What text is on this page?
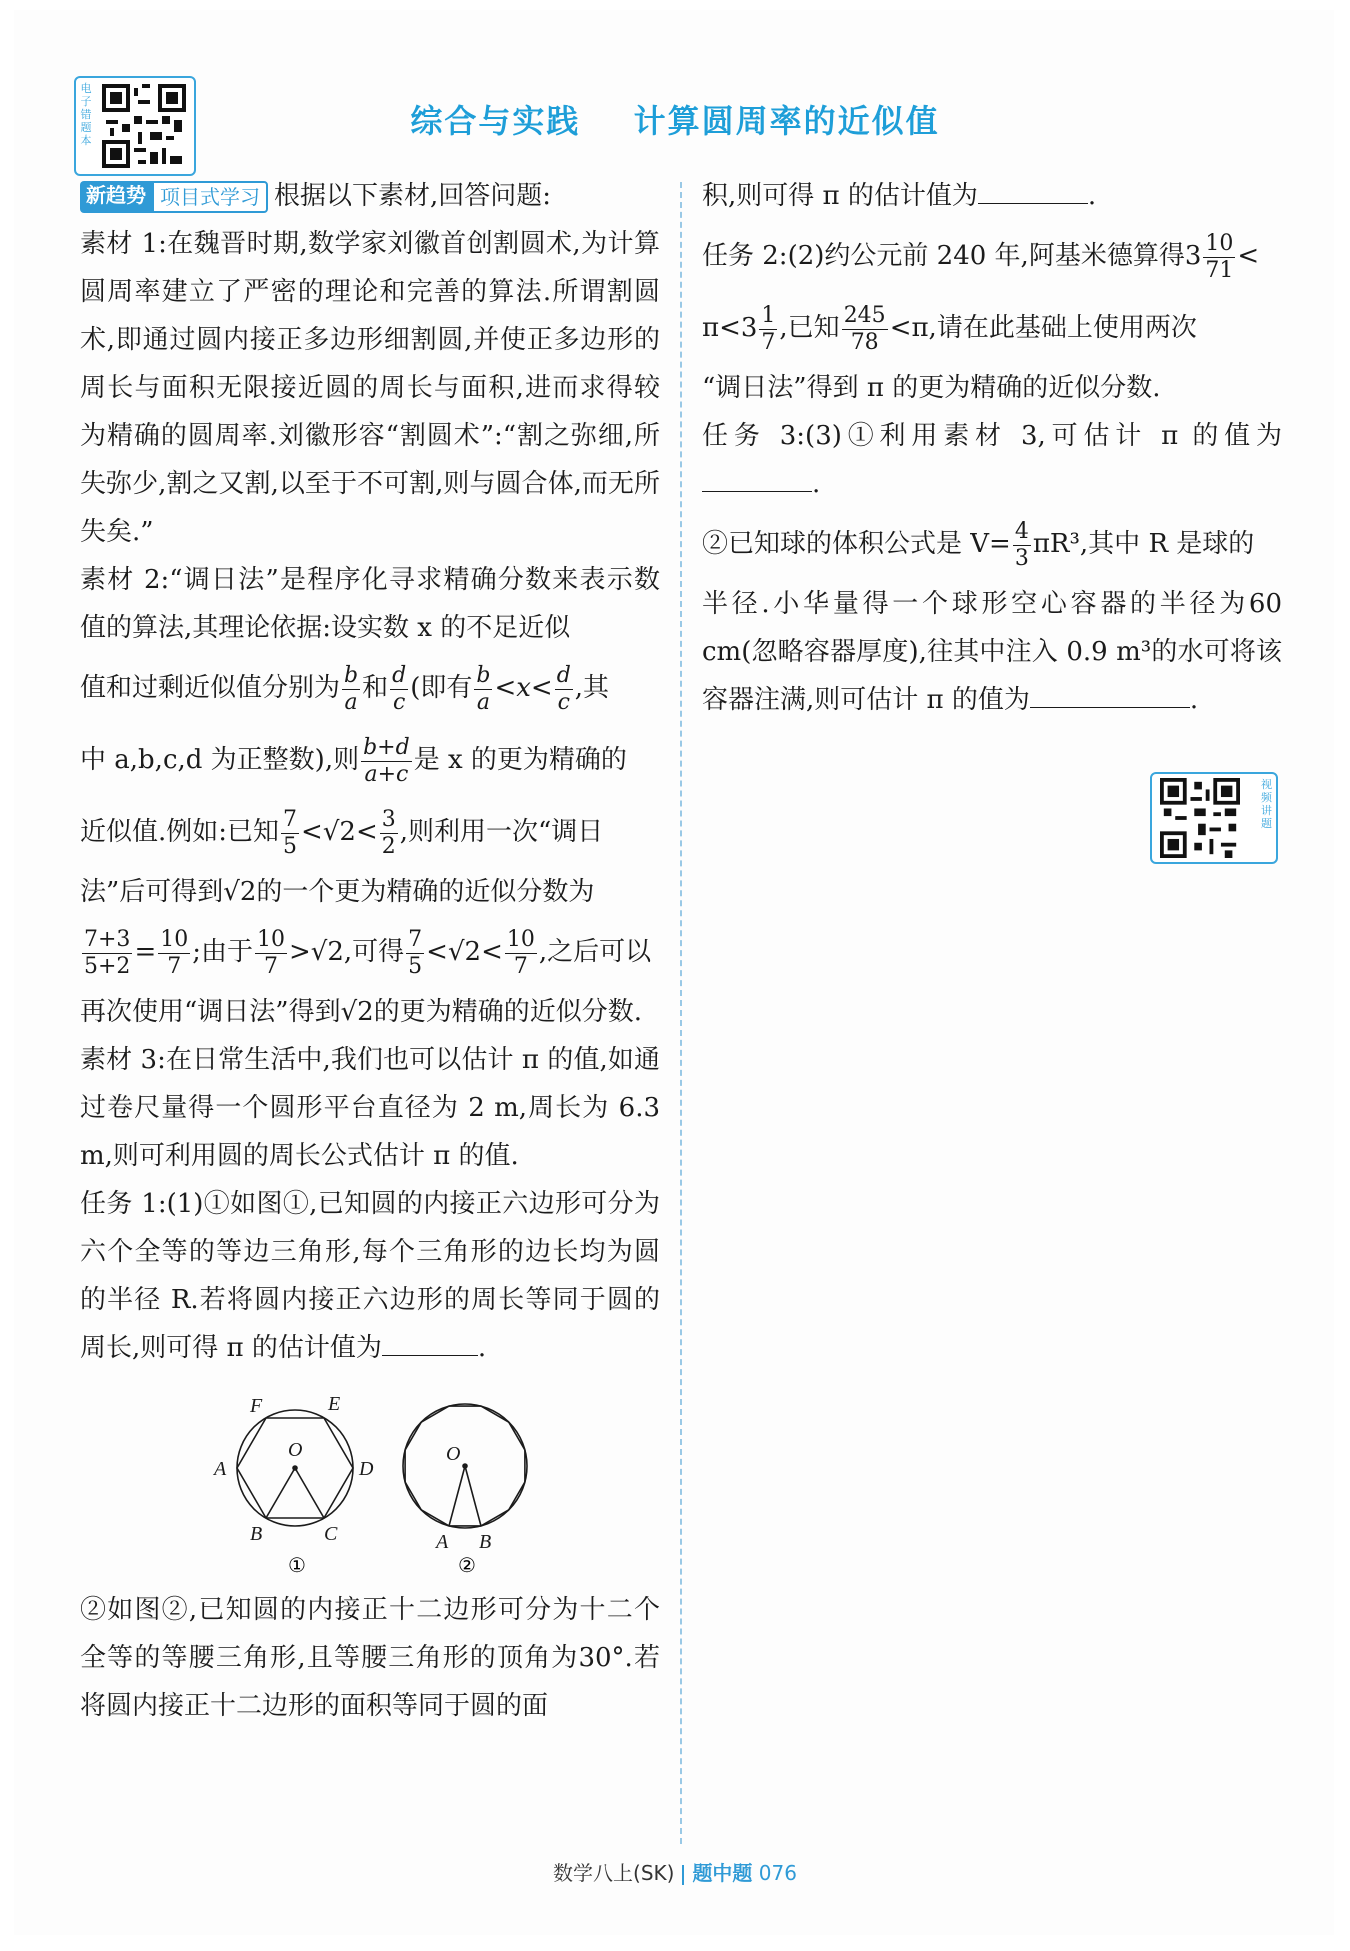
电子错题本
综合与实践 计算圆周率的近似值

新趋势 项目式学习 根据以下素材,回答问题:

素材 1:在魏晋时期,数学家刘徽首创割圆术,为计算圆周率建立了严密的理论和完善的算法.所谓割圆术,即通过圆内接正多边形细割圆,并使正多边形的周长与面积无限接近圆的周长与面积,进而求得较为精确的圆周率.刘徽形容“割圆术”:“割之弥细,所失弥少,割之又割,以至于不可割,则与圆合体,而无所失矣.”

素材 2:“调日法”是程序化寻求精确分数来表示数值的算法,其理论依据:设实数 x 的不足近似

值和过剩近似值分别为 $\frac{b}{a}$ 和 $\frac{d}{c}$ (即有 $\frac{b}{a} <x< \frac{d}{c}$ ,其

中 a,b,c,d 为正整数),则 $\frac{b+d}{a+c}$ 是 x 的更为精确的

近似值.例如:已知 $\frac{7}{5} <√2< \frac{3}{2}$ ,则利用一次“调日

法”后可得到√2的一个更为精确的近似分数为

$\frac{7+3}{5+2} = \frac{10}{7}$ ;由于 $\frac{10}{7} >√2$,可得 $\frac{7}{5} <√2< \frac{10}{7}$ ,之后可以

再次使用“调日法”得到√2的更为精确的近似分数.

素材 3:在日常生活中,我们也可以估计 π 的值,如通过卷尺量得一个圆形平台直径为 2 m,周长为 6.3 m,则可利用圆的周长公式估计 π 的值.

任务 1:(1)①如图①,已知圆的内接正六边形可分为六个全等的等边三角形,每个三角形的边长均为圆的半径 R.若将圆内接正六边形的周长等同于圆的周长,则可得 π 的估计值为	.

F	E
A
O
D
B	C
①
O
A B
②

②如图②,已知圆的内接正十二边形可分为十二个全等的等腰三角形,且等腰三角形的顶角为30°.若将圆内接正十二边形的面积等同于圆的面

积,则可得 π 的估计值为	.

任务 2:(2)约公元前 240 年,阿基米德算得$3 \frac{10}{71}$ <

$\pi<3 \frac{1}{7}$ ,已知 $\frac{245}{78} <\pi$,请在此基础上使用两次

“调日法”得到 π 的更为精确的近似分数.

任务 3:(3)①利用素材 3,可估计 π 的值为.

②已知球的体积公式是 $V= \frac{4}{3} \pi R^3$,其中 R 是球的

半径.小华量得一个球形空心容器的半径为60 cm(忽略容器厚度),往其中注入 0.9 m³的水可将该容器注满,则可估计 π 的值为	.

视频讲题
数学八上(SK) 题中题 076
